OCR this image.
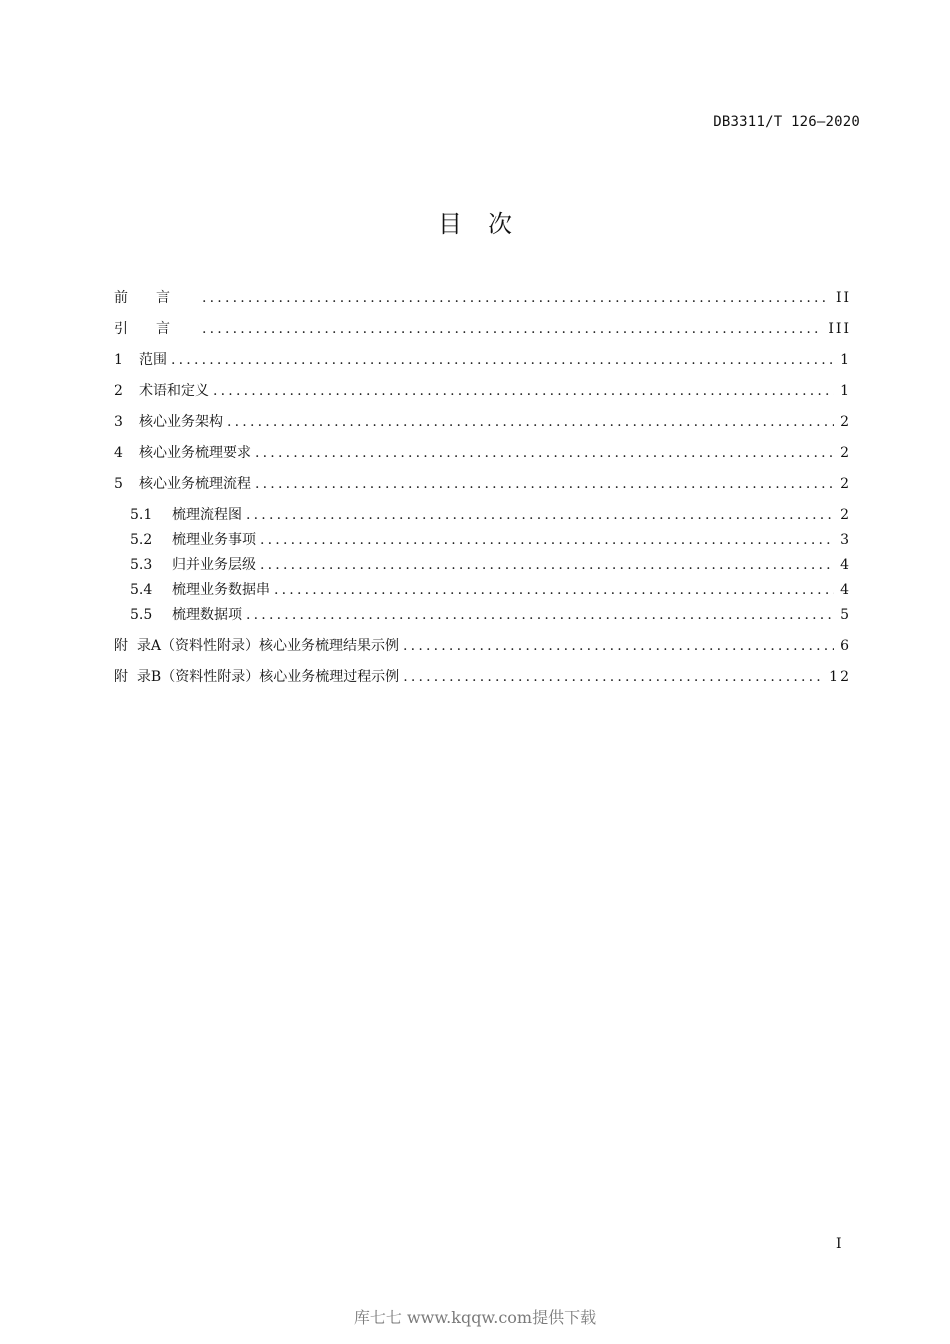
DB3311/T 126—2020
目次
前言 .....	II
引言 .....	III
1 范围 .....	1
2 术语和定义 .....	1
3 核心业务架构 .....	2
4 核心业务梳理要求 .....	2
5 核心业务梳理流程 .....	2
5.1 梳理流程图 .....	2
5.2 梳理业务事项 .....	3
5.3 归并业务层级 .....	4
5.4 梳理业务数据串 .....	4
5.5 梳理数据项 .....	5
附  录A（资料性附录）核心业务梳理结果示例 .....	6
附  录B（资料性附录）核心业务梳理过程示例 .....	12
I
库七七 www.kqqw.com提供下载
